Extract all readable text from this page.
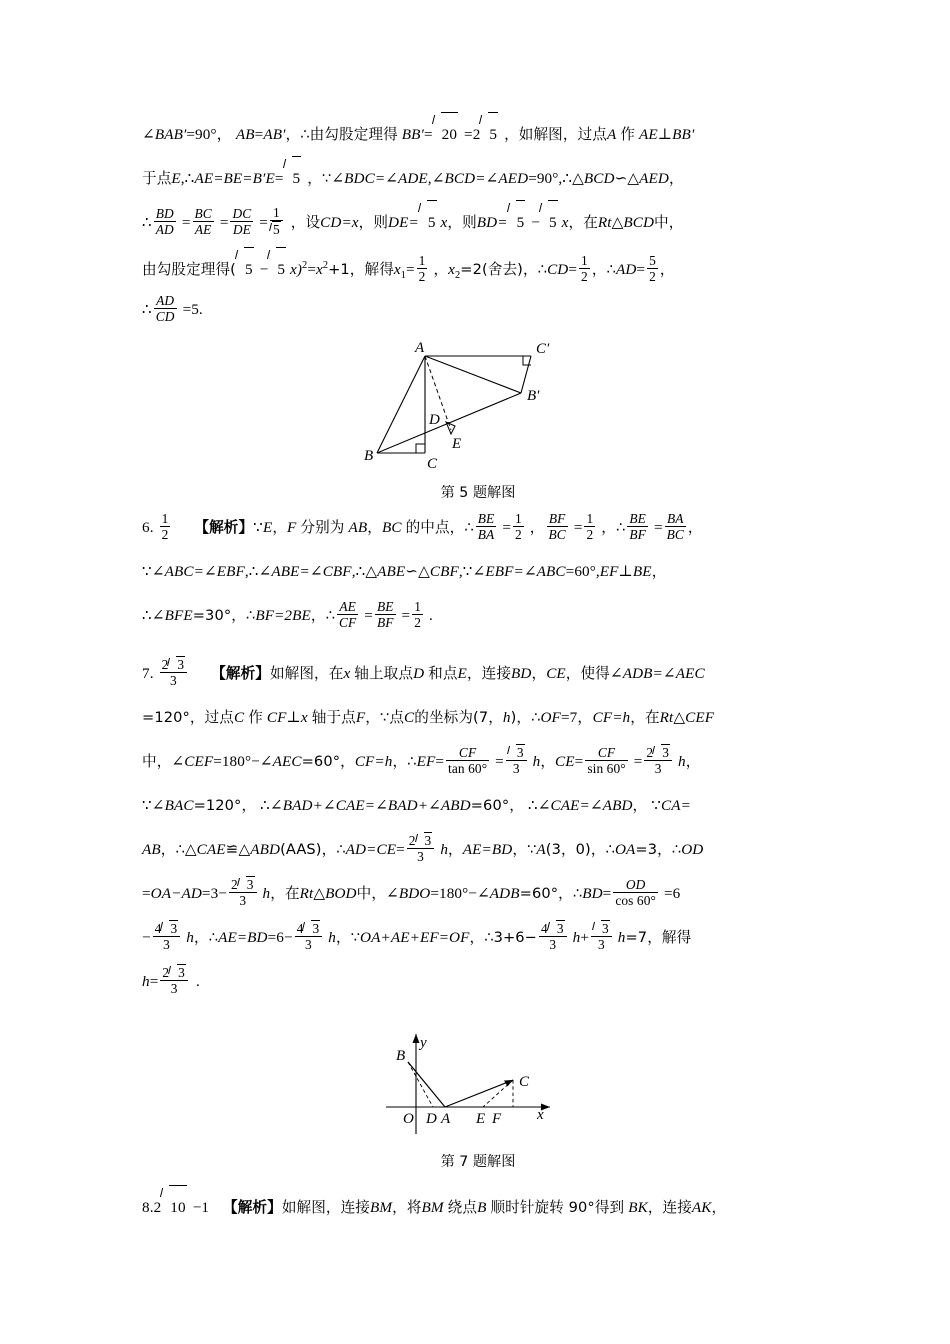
∠BAB′=90°， AB=AB′，∴由勾股定理得 BB′= 20 =2 5 ，如解图，过点A 作 AE⊥BB′
于点E,∴AE=BE=B′E= 5 ，∵∠BDC=∠ADE,∠BCD=∠AED=90°,∴△BCD∽△AED，
∴ $\frac{BD}{AD} = \frac{BC}{AE} = \frac{DC}{DE} = \frac{1}{5}$ ，设CD=x，则DE= 5 x，则BD= 5 − 5 x，在Rt△BCD中，
由勾股定理得( 5 − 5 $x)^2=x^2+1$，解得$x_1= \frac{1}{2}$ ，$x_2=2$(舍去)，∴CD= $\frac{1}{2}$ ，∴AD= $\frac{5}{2}$ ，
∴ $\frac{AD}{CD} =5$.
A	C′
B′
B	C
D
E
第 5 题解图
6. $\frac{1}{2}$ 【解析】∵E，F 分别为 AB，BC 的中点，∴ $\frac{BE}{BA} = \frac{1}{2}$ ， $\frac{BF}{BC} = \frac{1}{2}$ ，∴ $\frac{BE}{BF} = \frac{BA}{BC}$ ，
∵∠ABC=∠EBF,∴∠ABE=∠CBF,∴△ABE∽△CBF,∵∠EBF=∠ABC=60°,EF⊥BE，
∴∠BFE=30°，∴BF=2BE，∴ $\frac{AE}{CF} = \frac{BE}{BF} = \frac{1}{2}$ .
7. $\frac{2 3}{3}$ 【解析】如解图，在x 轴上取点D 和点E，连接BD，CE，使得∠ADB=∠AEC
=120°，过点C 作 CF⊥x 轴于点F，∵点C的坐标为(7，h)，∴OF=7，CF=h，在Rt△CEF
中，∠CEF=180°−∠AEC=60°，CF=h，∴EF= $\frac{CF}{\tan 60^\circ} = \frac{3}{3}$ h，$CE= \frac{CF}{\sin 60^\circ} = \frac{2 3}{3}$ h，
∵∠BAC=120°， ∴∠BAD+∠CAE=∠BAD+∠ABD=60°， ∴∠CAE=∠ABD， ∵CA=
AB，∴△CAE≌△ABD(AAS)，∴AD=CE= $\frac{2 3}{3}$ h，AE=BD，∵A(3，0)，∴OA=3，∴OD
$=OA-AD=3- \frac{2 3}{3}$ h，在Rt△BOD中，∠BDO=180°−∠ADB=60°，∴BD= $\frac{OD}{\cos 60^\circ} =6$
− $\frac{4 3}{3}$ h，∴AE=BD=6− $\frac{4 3}{3}$ h，∵OA+AE+EF=OF，∴3+6− $\frac{4 3}{3} h+ \frac{3}{3} h=7$，解得
$h= \frac{2 3}{3}$ .
B
C
O D A E F x
y
第 7 题解图
8.2 10 −1 【解析】如解图，连接BM，将BM 绕点B 顺时针旋转 90°得到 BK，连接AK，
